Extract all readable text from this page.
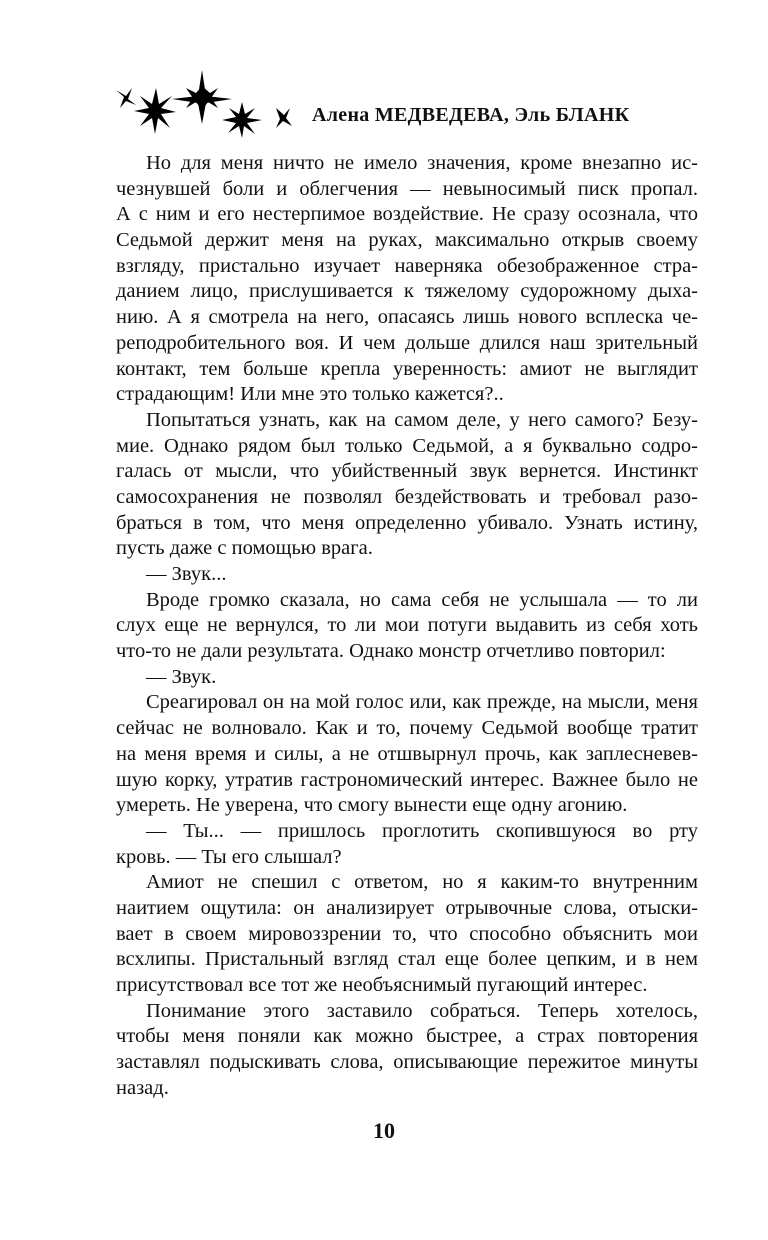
Алена МЕДВЕДЕВА, Эль БЛАНК
Но для меня ничто не имело значения, кроме внезапно ис-
чезнувшей боли и облегчения — невыносимый писк пропал.
А с ним и его нестерпимое воздействие. Не сразу осознала, что
Седьмой держит меня на руках, максимально открыв своему
взгляду, пристально изучает наверняка обезображенное стра-
данием лицо, прислушивается к тяжелому судорожному дыха-
нию. А я смотрела на него, опасаясь лишь нового всплеска че-
реподробительного воя. И чем дольше длился наш зрительный
контакт, тем больше крепла уверенность: амиот не выглядит
страдающим! Или мне это только кажется?..
Попытаться узнать, как на самом деле, у него самого? Безу-
мие. Однако рядом был только Седьмой, а я буквально содро-
галась от мысли, что убийственный звук вернется. Инстинкт
самосохранения не позволял бездействовать и требовал разо-
браться в том, что меня определенно убивало. Узнать истину,
пусть даже с помощью врага.
— Звук...
Вроде громко сказала, но сама себя не услышала — то ли
слух еще не вернулся, то ли мои потуги выдавить из себя хоть
что-то не дали результата. Однако монстр отчетливо повторил:
— Звук.
Среагировал он на мой голос или, как прежде, на мысли, меня
сейчас не волновало. Как и то, почему Седьмой вообще тратит
на меня время и силы, а не отшвырнул прочь, как заплесневев-
шую корку, утратив гастрономический интерес. Важнее было не
умереть. Не уверена, что смогу вынести еще одну агонию.
— Ты... — пришлось проглотить скопившуюся во рту
кровь. — Ты его слышал?
Амиот не спешил с ответом, но я каким-то внутренним
наитием ощутила: он анализирует отрывочные слова, отыски-
вает в своем мировоззрении то, что способно объяснить мои
всхлипы. Пристальный взгляд стал еще более цепким, и в нем
присутствовал все тот же необъяснимый пугающий интерес.
Понимание этого заставило собраться. Теперь хотелось,
чтобы меня поняли как можно быстрее, а страх повторения
заставлял подыскивать слова, описывающие пережитое минуты
назад.
10
